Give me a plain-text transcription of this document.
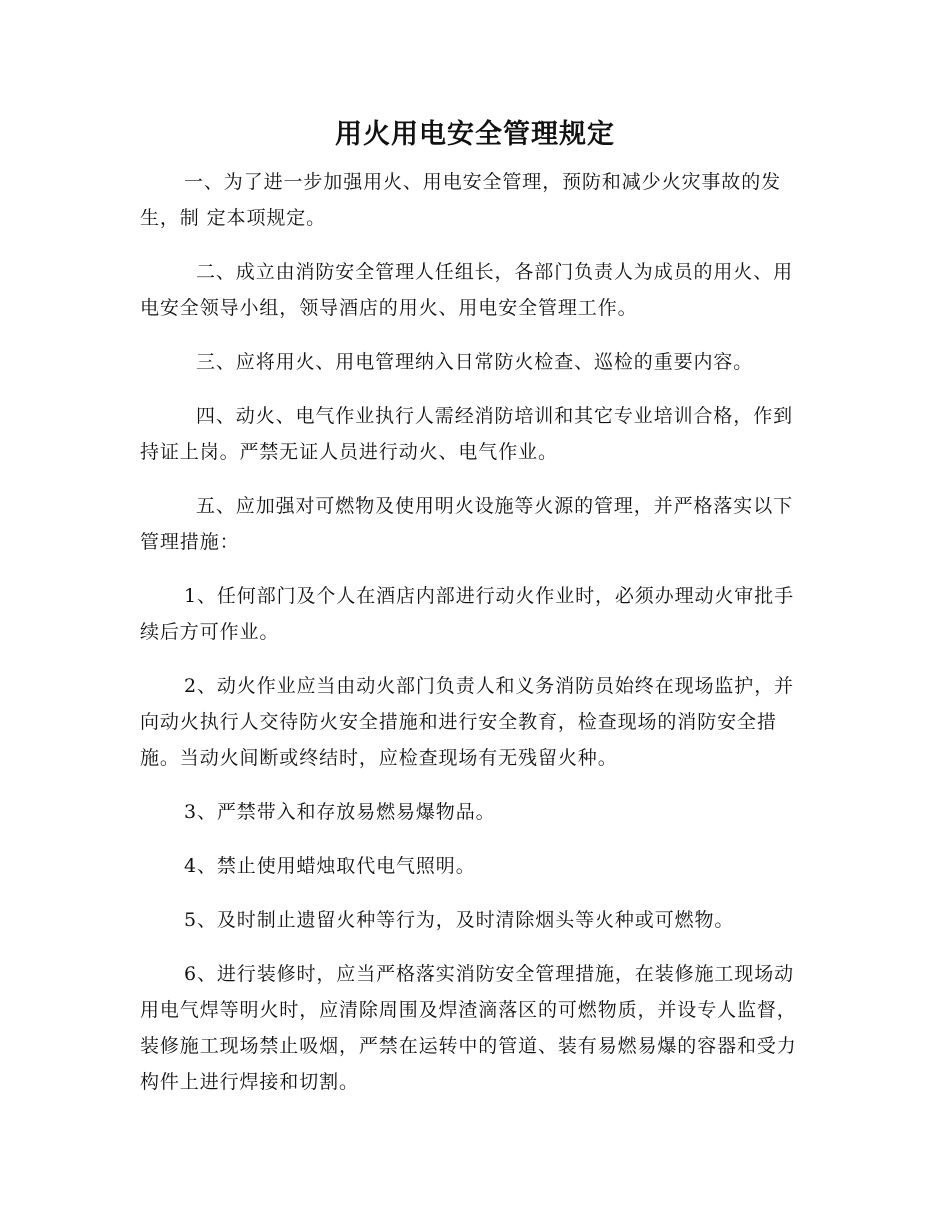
用火用电安全管理规定

一、为了进一步加强用火、用电安全管理，预防和减少火灾事故的发生，制 定本项规定。

二、成立由消防安全管理人任组长，各部门负责人为成员的用火、用电安全领导小组，领导酒店的用火、用电安全管理工作。

三、应将用火、用电管理纳入日常防火检查、巡检的重要内容。

四、动火、电气作业执行人需经消防培训和其它专业培训合格，作到持证上岗。严禁无证人员进行动火、电气作业。

五、应加强对可燃物及使用明火设施等火源的管理，并严格落实以下管理措施：

1、任何部门及个人在酒店内部进行动火作业时，必须办理动火审批手续后方可作业。

2、动火作业应当由动火部门负责人和义务消防员始终在现场监护，并向动火执行人交待防火安全措施和进行安全教育，检查现场的消防安全措施。当动火间断或终结时，应检查现场有无残留火种。

3、严禁带入和存放易燃易爆物品。

4、禁止使用蜡烛取代电气照明。

5、及时制止遗留火种等行为，及时清除烟头等火种或可燃物。

6、进行装修时，应当严格落实消防安全管理措施，在装修施工现场动用电气焊等明火时，应清除周围及焊渣滴落区的可燃物质，并设专人监督，装修施工现场禁止吸烟，严禁在运转中的管道、装有易燃易爆的容器和受力构件上进行焊接和切割。
